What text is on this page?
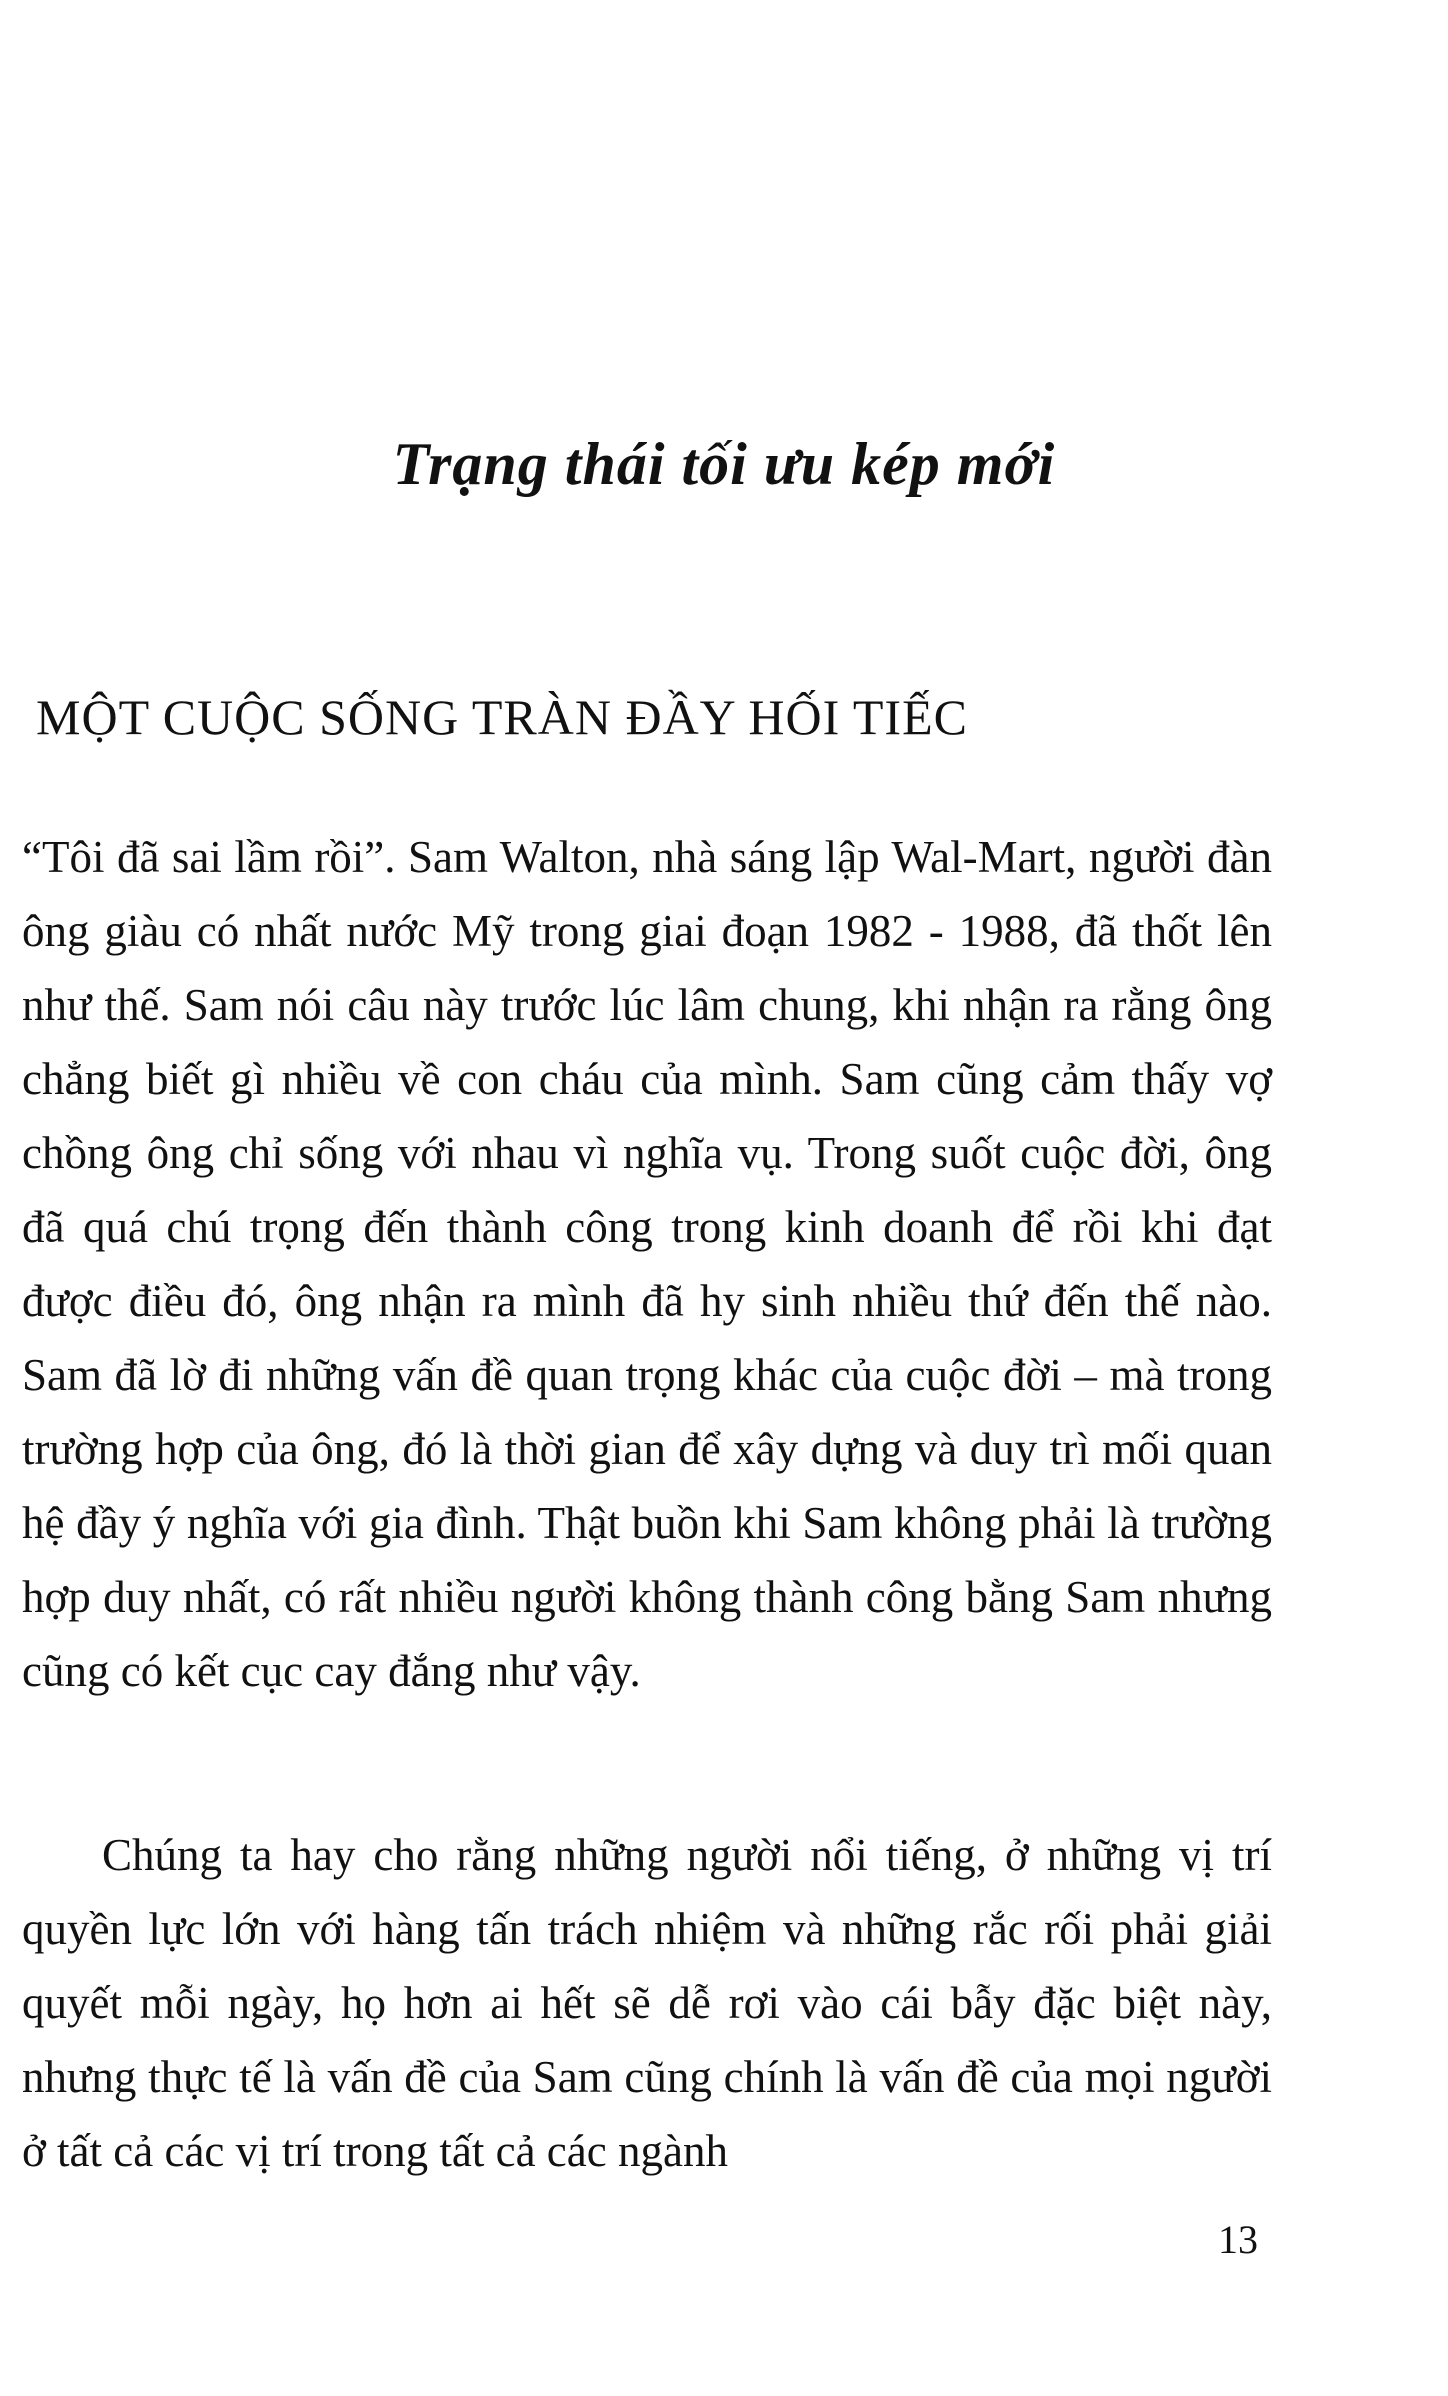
Trạng thái tối ưu kép mới
MỘT CUỘC SỐNG TRÀN ĐẦY HỐI TIẾC

“Tôi đã sai lầm rồi”. Sam Walton, nhà sáng lập Wal-Mart, người đàn ông giàu có nhất nước Mỹ trong giai đoạn 1982 - 1988, đã thốt lên như thế. Sam nói câu này trước lúc lâm chung, khi nhận ra rằng ông chẳng biết gì nhiều về con cháu của mình. Sam cũng cảm thấy vợ chồng ông chỉ sống với nhau vì nghĩa vụ. Trong suốt cuộc đời, ông đã quá chú trọng đến thành công trong kinh doanh để rồi khi đạt được điều đó, ông nhận ra mình đã hy sinh nhiều thứ đến thế nào. Sam đã lờ đi những vấn đề quan trọng khác của cuộc đời – mà trong trường hợp của ông, đó là thời gian để xây dựng và duy trì mối quan hệ đầy ý nghĩa với gia đình. Thật buồn khi Sam không phải là trường hợp duy nhất, có rất nhiều người không thành công bằng Sam nhưng cũng có kết cục cay đắng như vậy.

Chúng ta hay cho rằng những người nổi tiếng, ở những vị trí quyền lực lớn với hàng tấn trách nhiệm và những rắc rối phải giải quyết mỗi ngày, họ hơn ai hết sẽ dễ rơi vào cái bẫy đặc biệt này, nhưng thực tế là vấn đề của Sam cũng chính là vấn đề của mọi người ở tất cả các vị trí trong tất cả các ngành

13
